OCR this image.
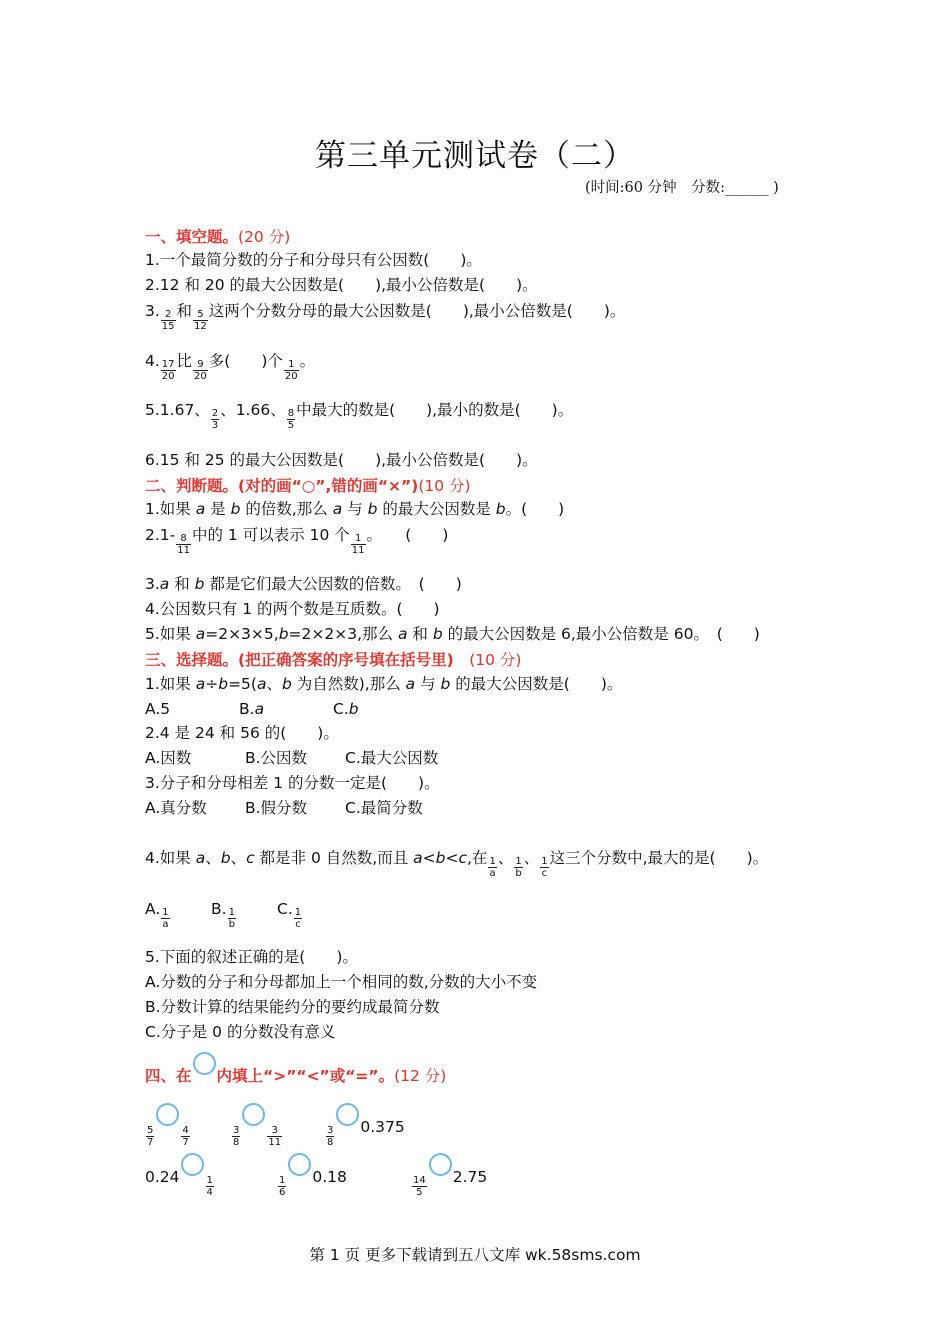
第三单元测试卷（二）
(时间:60 分钟　分数:______ )
一、填空题。(20 分)
1.一个最简分数的分子和分母只有公因数(　　)。
2.12 和 20 的最大公因数是(　　),最小公倍数是(　　)。
3. $\frac{2}{15}$ 和 $\frac{5}{12}$ 这两个分数分母的最大公因数是(　　),最小公倍数是(　　)。
4. $\frac{17}{20}$ 比 $\frac{9}{20}$ 多(　　)个 $\frac{1}{20}$ 。
5.1.67、 $\frac{2}{3}$ 、1.66、 $\frac{8}{5}$ 中最大的数是(　　),最小的数是(　　)。
6.15 和 25 的最大公因数是(　　),最小公倍数是(　　)。
二、判断题。(对的画“○”,错的画“×”)(10 分)
1.如果 a 是 b 的倍数,那么 a 与 b 的最大公因数是 b。(　　)
$2.1- \frac{8}{11}$ 中的 1 可以表示 10 个 $\frac{1}{11}$ 。　　(　　)
3.a 和 b 都是它们最大公因数的倍数。　(　　)
4.公因数只有 1 的两个数是互质数。(　　)
5.如果 a=2×3×5,b=2×2×3,那么 a 和 b 的最大公因数是 6,最小公倍数是 60。　(　　)
三、选择题。(把正确答案的序号填在括号里)　 (10 分)
1.如果 a÷b=5(a、b 为自然数),那么 a 与 b 的最大公因数是(　　)。
A.5	B.a	C.b
2.4 是 24 和 56 的(　　)。
A.因数	B.公因数 C.最大公因数
3.分子和分母相差 1 的分数一定是(　　)。
A.真分数 B.假分数 C.最简分数
4.如果 a、b、c 都是非 0 自然数,而且 a<b<c,在 $\frac{1}{a}$ 、 $\frac{1}{b}$ 、 $\frac{1}{c}$ 这三个分数中,最大的是(　　)。
A. $\frac{1}{a}$	B. $\frac{1}{b}$	C. $\frac{1}{c}$
5.下面的叙述正确的是(　　)。
A.分数的分子和分母都加上一个相同的数,分数的大小不变
B.分数计算的结果能约分的要约成最简分数
C.分子是 0 的分数没有意义
四、在 内填上“>”“<”或“=”。(12 分)
$\frac{5}{7}$	$\frac{4}{7}$	$\frac{3}{8}$	$\frac{3}{11}$	$\frac{3}{8} 0.375$
0.24	$\frac{1}{4}$	$\frac{1}{6} 0.18$	$\frac{14}{5} 2.75$
第 1 页 更多下载请到五八文库 wk.58sms.com
